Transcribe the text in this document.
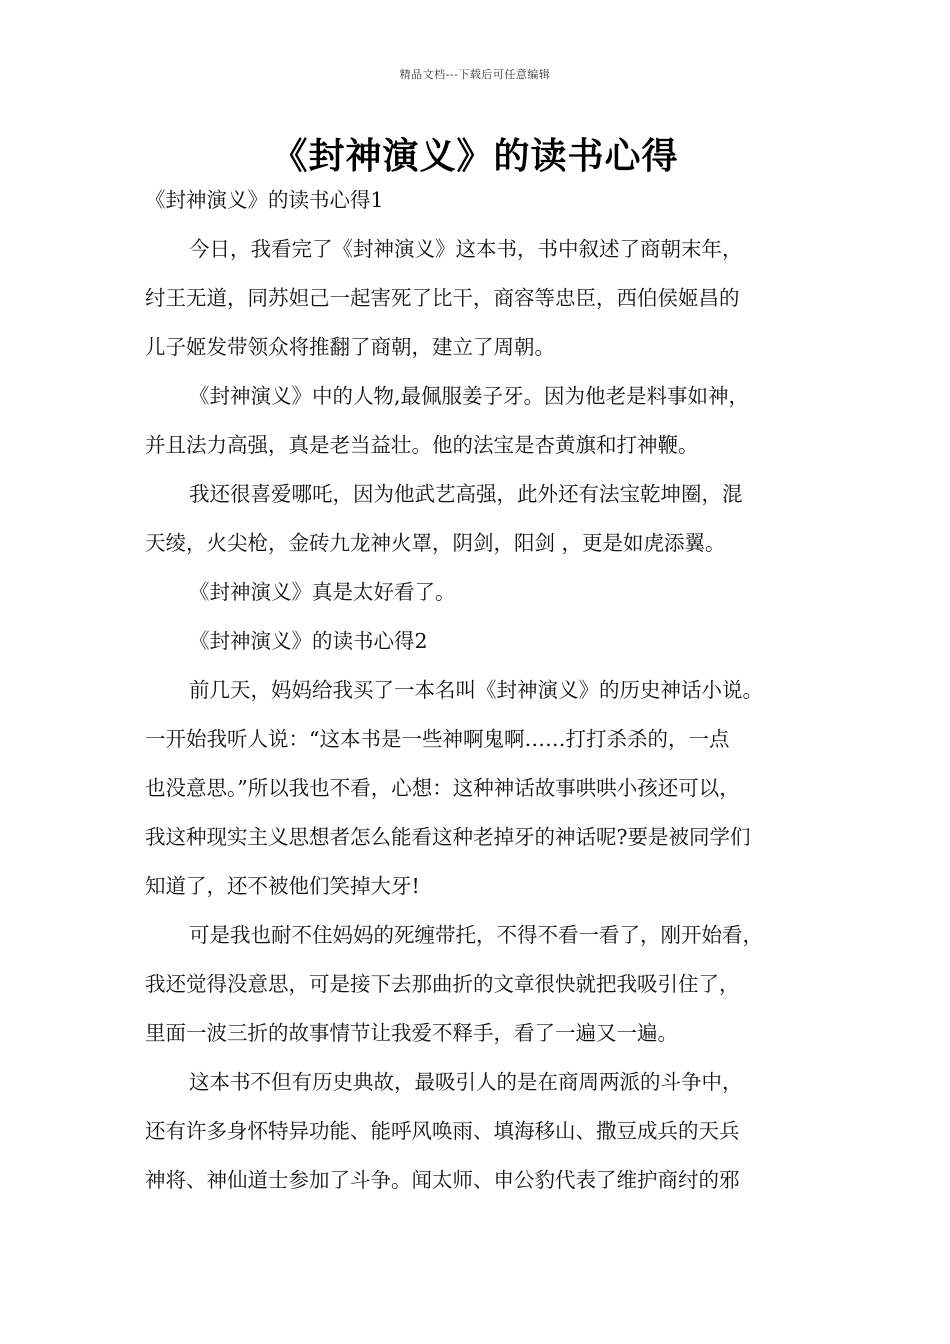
精品文档---下载后可任意编辑
《封神演义》的读书心得
《封神演义》的读书心得1
今日，我看完了《封神演义》这本书，书中叙述了商朝末年，
纣王无道，同苏妲己一起害死了比干，商容等忠臣，西伯侯姬昌的
儿子姬发带领众将推翻了商朝，建立了周朝。
《封神演义》中的人物,最佩服姜子牙。因为他老是料事如神，
并且法力高强，真是老当益壮。他的法宝是杏黄旗和打神鞭。
我还很喜爱哪吒，因为他武艺高强，此外还有法宝乾坤圈，混
天绫，火尖枪，金砖九龙神火罩，阴剑，阳剑 ，更是如虎添翼。
《封神演义》真是太好看了。
《封神演义》的读书心得2
前几天，妈妈给我买了一本名叫《封神演义》的历史神话小说。
一开始我听人说：“这本书是一些神啊鬼啊……打打杀杀的，一点
也没意思。”所以我也不看，心想：这种神话故事哄哄小孩还可以，
我这种现实主义思想者怎么能看这种老掉牙的神话呢?要是被同学们
知道了，还不被他们笑掉大牙!
可是我也耐不住妈妈的死缠带托，不得不看一看了，刚开始看，
我还觉得没意思，可是接下去那曲折的文章很快就把我吸引住了，
里面一波三折的故事情节让我爱不释手，看了一遍又一遍。
这本书不但有历史典故，最吸引人的是在商周两派的斗争中，
还有许多身怀特异功能、能呼风唤雨、填海移山、撒豆成兵的天兵
神将、神仙道士参加了斗争。闻太师、申公豹代表了维护商纣的邪
